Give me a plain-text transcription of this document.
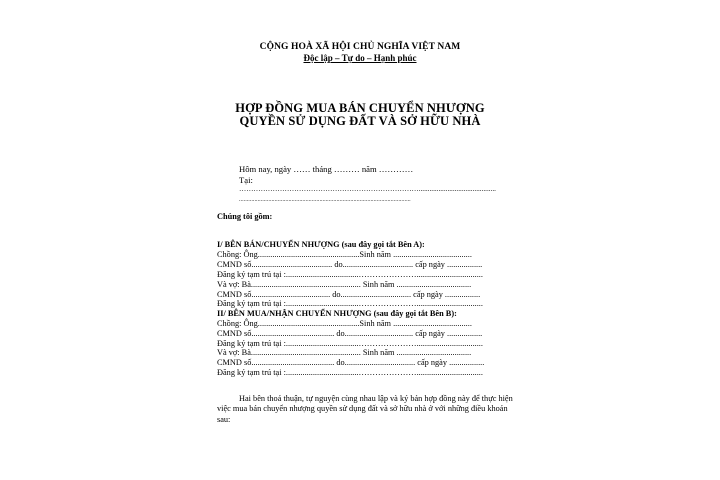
CỘNG HOÀ XÃ HỘI CHỦ NGHĨA VIỆT NAM
Độc lập – Tự do – Hạnh phúc
HỢP ĐỒNG MUA BÁN CHUYỂN NHƯỢNG
QUYỀN SỬ DỤNG ĐẤT VÀ SỞ HỮU NHÀ
Hôm nay, ngày …… tháng ……… năm …………
Tại:
…………………………………………………………………...........................................
...............................................................................................................
Chúng tôi gồm:
I/ BÊN BÁN/CHUYỂN NHƯỢNG (sau đây gọi tắt Bên A):
Chồng: Ông.................................................Sinh năm ......................................
CMND số....................................... do.................................. cấp ngày .................
Đăng ký tạm trú tại :...................................…………………................................
Và vợ: Bà..................................................... Sinh năm ....................................
CMND số...................................... do.................................. cấp ngày .................
Đăng ký tạm trú tại :...................................…………………................................
II/ BÊN MUA/NHẬN CHUYỂN NHƯỢNG (sau đây gọi tắt Bên B):
Chồng: Ông.................................................Sinh năm ......................................
CMND số........................................ do................................. cấp ngày .................
Đăng ký tạm trú tại :...................................…………………................................
Và vợ: Bà..................................................... Sinh năm ....................................
CMND số........................................ do.................................. cấp ngày .................
Đăng ký tạm trú tại :...................................…………………................................
Hai bên thoả thuận, tự nguyện cùng nhau lập và ký bản hợp đồng này để thực hiện việc mua bán chuyển nhượng quyền sử dụng đất và sở hữu nhà ở với những điều khoản sau:
